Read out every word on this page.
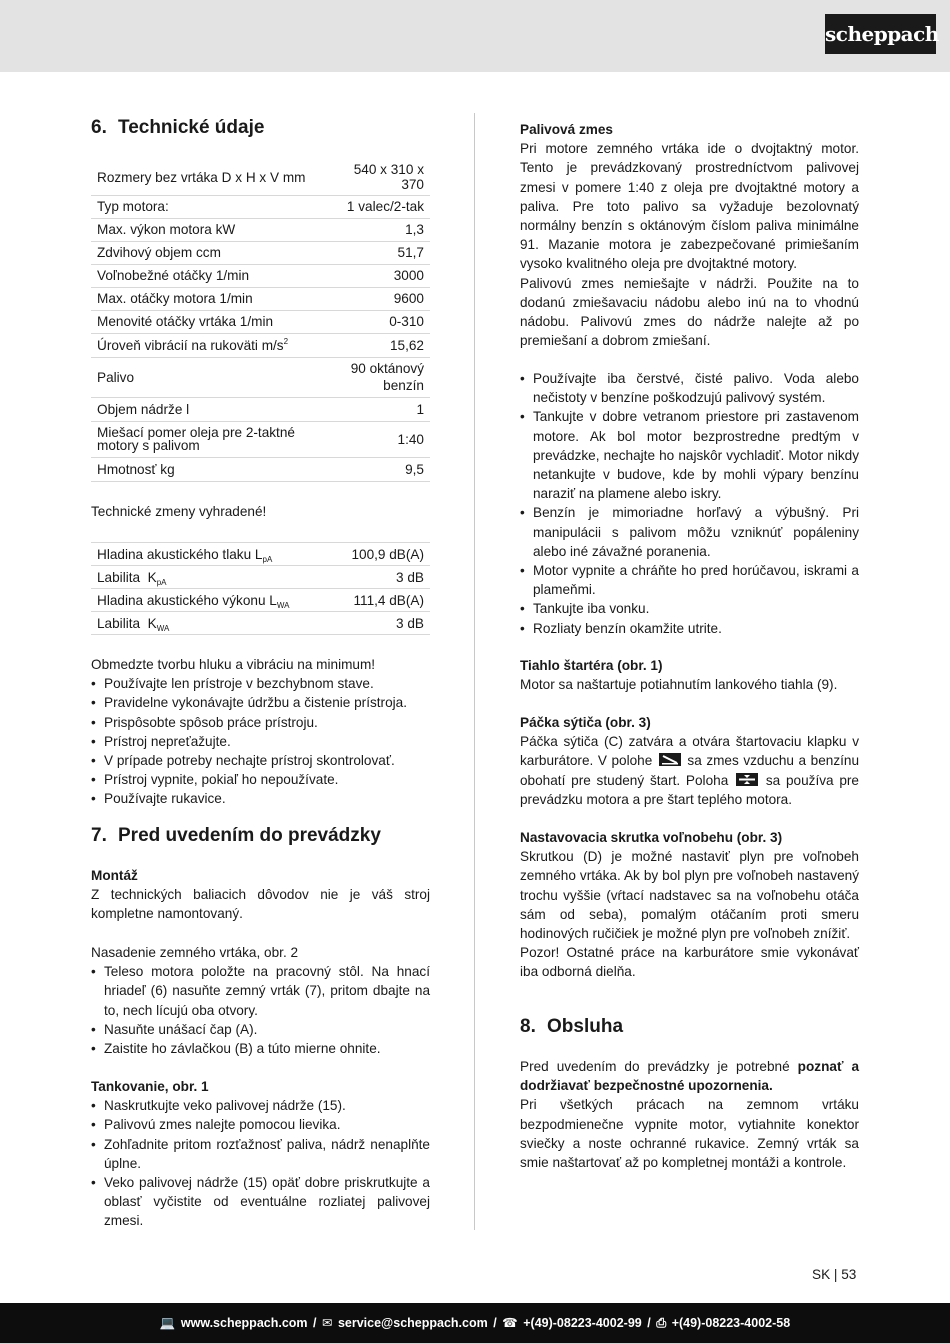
scheppach
6. Technické údaje
Rozmery bez vrtáka D x H x V mm	540 x 310 x 370
Typ motora:	1 valec/2-tak
Max. výkon motora kW	1,3
Zdvihový objem ccm	51,7
Voľnobežné otáčky 1/min	3000
Max. otáčky motora 1/min	9600
Menovité otáčky vrtáka 1/min	0-310
Úroveň vibrácií na rukoväti $m/s^2$	15,62
Palivo	90 oktánový benzín
Objem nádrže l	1
Miešací pomer oleja pre 2-taktné motory s palivom	1:40
Hmotnosť kg	9,5
Technické zmeny vyhradené!
Hladina akustického tlaku $L_{pA}$	100,9 dB(A)
Labilita  $K_{pA}$	3 dB
Hladina akustického výkonu $L_{WA}$	111,4 dB(A)
Labilita  $K_{WA}$	3 dB
Obmedzte tvorbu hluku a vibráciu na minimum!
• Používajte len prístroje v bezchybnom stave.
• Pravidelne vykonávajte údržbu a čistenie prístroja.
• Prispôsobte spôsob práce prístroju.
• Prístroj nepreťažujte.
• V prípade potreby nechajte prístroj skontrolovať.
• Prístroj vypnite, pokiaľ ho nepoužívate.
• Používajte rukavice.
7. Pred uvedením do prevádzky
Montáž
Z technických baliacich dôvodov nie je váš stroj kompletne namontovaný.
Nasadenie zemného vrtáka, obr. 2
• Teleso motora položte na pracovný stôl. Na hnací hriadeľ (6) nasuňte zemný vrták (7), pritom dbajte na to, nech lícujú oba otvory.
• Nasuňte unášací čap (A).
• Zaistite ho závlačkou (B) a túto mierne ohnite.
Tankovanie, obr. 1
• Naskrutkujte veko palivovej nádrže (15).
• Palivovú zmes nalejte pomocou lievika.
• Zohľadnite pritom rozťažnosť paliva, nádrž nenaplňte úplne.
• Veko palivovej nádrže (15) opäť dobre priskrutkujte a oblasť vyčistite od eventuálne rozliatej palivovej zmesi.
Palivová zmes
Pri motore zemného vrtáka ide o dvojtaktný motor. Tento je prevádzkovaný prostredníctvom palivovej zmesi v pomere 1:40 z oleja pre dvojtaktné motory a paliva. Pre toto palivo sa vyžaduje bezolovnatý normálny benzín s oktánovým číslom paliva minimálne 91. Mazanie motora je zabezpečované primiešaním vysoko kvalitného oleja pre dvojtaktné motory.
Palivovú zmes nemiešajte v nádrži. Použite na to dodanú zmiešavaciu nádobu alebo inú na to vhodnú nádobu. Palivovú zmes do nádrže nalejte až po premiešaní a dobrom zmiešaní.
• Používajte iba čerstvé, čisté palivo. Voda alebo nečistoty v benzíne poškodzujú palivový systém.
• Tankujte v dobre vetranom priestore pri zastavenom motore. Ak bol motor bezprostredne predtým v prevádzke, nechajte ho najskôr vychladiť. Motor nikdy netankujte v budove, kde by mohli výpary benzínu naraziť na plamene alebo iskry.
• Benzín je mimoriadne horľavý a výbušný. Pri manipulácii s palivom môžu vzniknúť popáleniny alebo iné závažné poranenia.
• Motor vypnite a chráňte ho pred horúčavou, iskrami a plameňmi.
• Tankujte iba vonku.
• Rozliaty benzín okamžite utrite.
Tiahlo štartéra (obr. 1)
Motor sa naštartuje potiahnutím lankového tiahla (9).
Páčka sýtiča (obr. 3)
Páčka sýtiča (C) zatvára a otvára štartovaciu klapku v karburátore. V polohe	sa zmes vzduchu a benzínu obohatí pre studený štart. Poloha	sa používa pre prevádzku motora a pre štart teplého motora.
Nastavovacia skrutka voľnobehu (obr. 3)
Skrutkou (D) je možné nastaviť plyn pre voľnobeh zemného vrtáka. Ak by bol plyn pre voľnobeh nastavený trochu vyššie (vŕtací nadstavec sa na voľnobehu otáča sám od seba), pomalým otáčaním proti smeru hodinových ručičiek je možné plyn pre voľnobeh znížiť.
Pozor! Ostatné práce na karburátore smie vykonávať iba odborná dielňa.
8. Obsluha
Pred uvedením do prevádzky je potrebné poznať a dodržiavať bezpečnostné upozornenia.
Pri všetkých prácach na zemnom vrtáku bezpodmienečne vypnite motor, vytiahnite konektor sviečky a noste ochranné rukavice. Zemný vrták sa smie naštartovať až po kompletnej montáži a kontrole.
SK | 53
💻 www.scheppach.com / ✉ service@scheppach.com / ☎ +(49)-08223-4002-99 / ⎙ +(49)-08223-4002-58
